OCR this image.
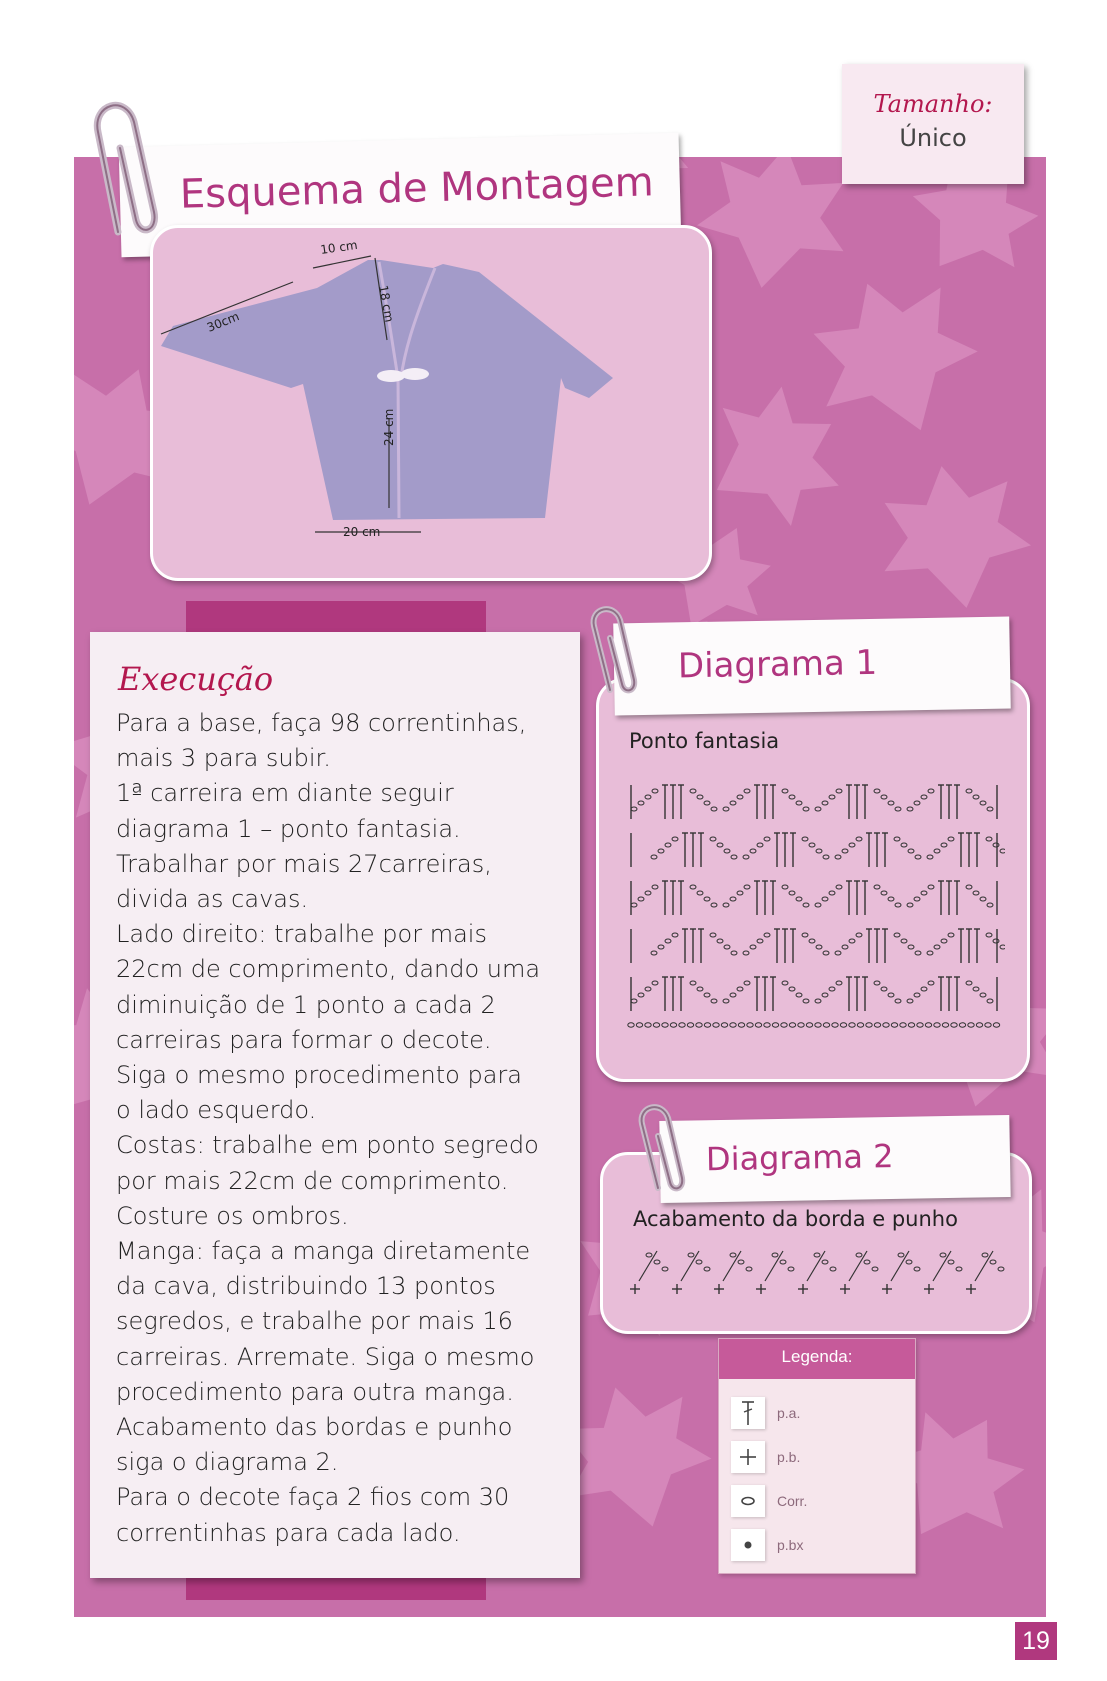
Esquema de Montagem
Tamanho:
Único
10 cm
30cm	18 cm
24 cm
20 cm
Execução
Para a base, faça 98 correntinhas,
mais 3 para subir.
1ª carreira em diante seguir
diagrama 1 – ponto fantasia.
Trabalhar por mais 27carreiras,
divida as cavas.
Lado direito: trabalhe por mais
22cm de comprimento, dando uma
diminuição de 1 ponto a cada 2
carreiras para formar o decote.
Siga o mesmo procedimento para
o lado esquerdo.
Costas: trabalhe em ponto segredo
por mais 22cm de comprimento.
Costure os ombros.
Manga: faça a manga diretamente
da cava, distribuindo 13 pontos
segredos, e trabalhe por mais 16
carreiras. Arremate. Siga o mesmo
procedimento para outra manga.
Acabamento das bordas e punho
siga o diagrama 2.
Para o decote faça 2 fios com 30
correntinhas para cada lado.
Ponto fantasia
Diagrama 1
Acabamento da borda e punho
Diagrama 2
Legenda:
p.a.
p.b.
Corr.
p.bx
19
